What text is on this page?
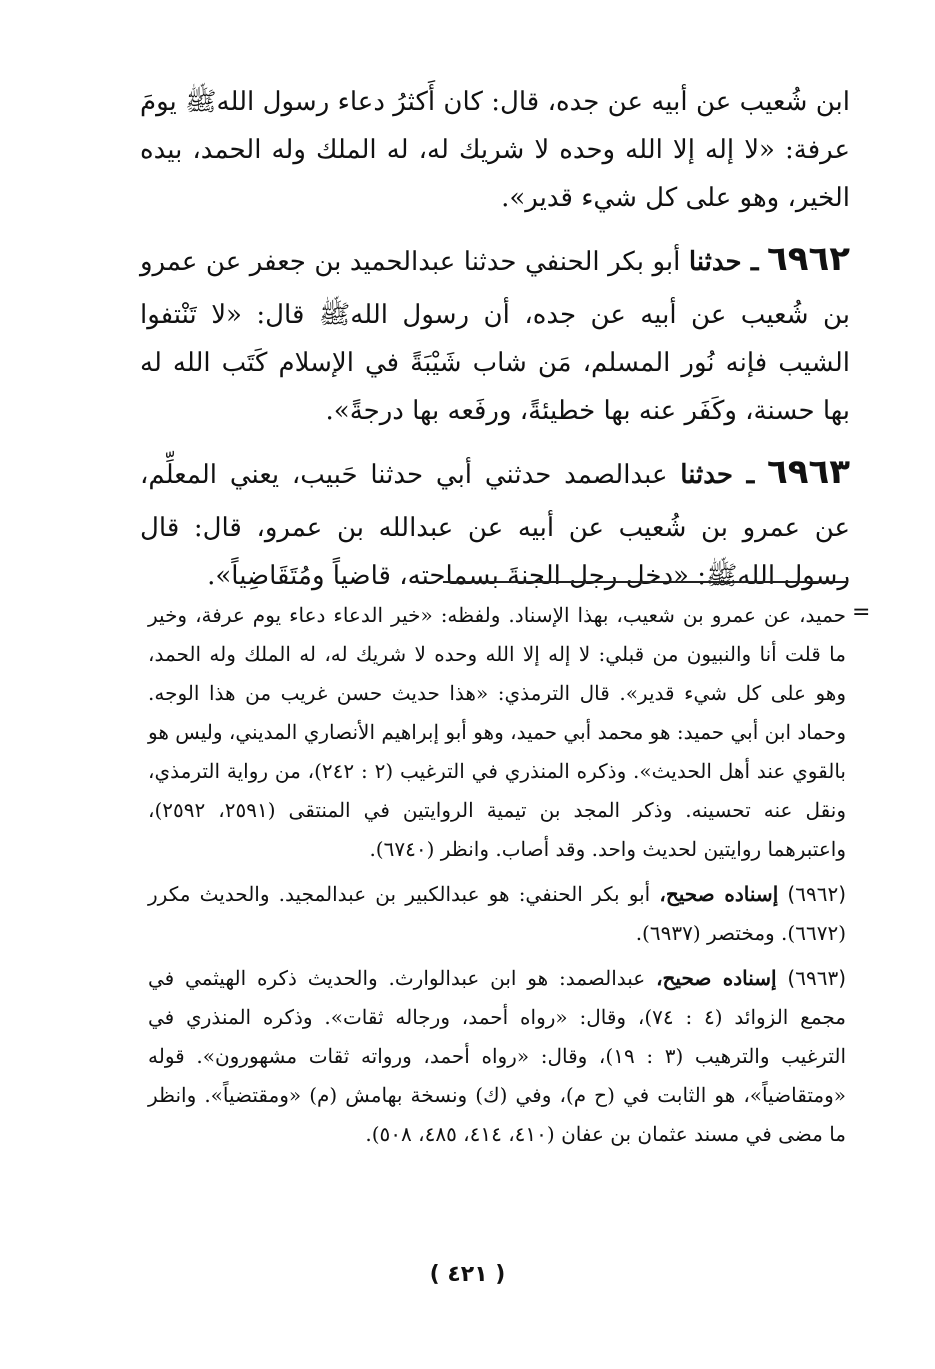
ابن شُعيب عن أبيه عن جده، قال: كان أَكثرُ دعاء رسول اللهﷺ يومَ عرفة: «لا إله إلا الله وحده لا شريك له، له الملك وله الحمد، بيده الخير، وهو على كل شيء قدير».

٦٩٦٢ ـ حدثنا أبو بكر الحنفي حدثنا عبدالحميد بن جعفر عن عمرو بن شُعيب عن أبيه عن جده، أن رسول اللهﷺ قال: «لا تَنْتفوا الشيب فإنه نُور المسلم، مَن شاب شَيْبَةً في الإسلام كَتَب الله له بها حسنة، وكَفَر عنه بها خطيئةً، ورفَعه بها درجةً».

٦٩٦٣ ـ حدثنا عبدالصمد حدثني أبي حدثنا حَبيب، يعني المعلِّم، عن عمرو بن شُعيب عن أبيه عن عبدالله بن عمرو، قال: قال رسول اللهﷺ: «دخل رجل الجنةَ بسماحته، قاضياً ومُتَقَاضِياً».

=

حميد، عن عمرو بن شعيب، بهذا الإسناد. ولفظه: «خير الدعاء دعاء يوم عرفة، وخير ما قلت أنا والنبيون من قبلي: لا إله إلا الله وحده لا شريك له، له الملك وله الحمد، وهو على كل شيء قدير». قال الترمذي: «هذا حديث حسن غريب من هذا الوجه. وحماد ابن أبي حميد: هو محمد أبي حميد، وهو أبو إبراهيم الأنصاري المديني، وليس هو بالقوي عند أهل الحديث». وذكره المنذري في الترغيب (٢ : ٢٤٢)، من رواية الترمذي، ونقل عنه تحسينه. وذكر المجد بن تيمية الروايتين في المنتقى (٢٥٩١، ٢٥٩٢)، واعتبرهما روايتين لحديث واحد. وقد أصاب. وانظر (٦٧٤٠).

(٦٩٦٢) إسناده صحيح، أبو بكر الحنفي: هو عبدالكبير بن عبدالمجيد. والحديث مكرر (٦٦٧٢). ومختصر (٦٩٣٧).

(٦٩٦٣) إسناده صحيح، عبدالصمد: هو ابن عبدالوارث. والحديث ذكره الهيثمي في مجمع الزوائد (٤ : ٧٤)، وقال: «رواه أحمد، ورجاله ثقات». وذكره المنذري في الترغيب والترهيب (٣ : ١٩)، وقال: «رواه أحمد، ورواته ثقات مشهورون». قوله «ومتقاضياً»، هو الثابت في (ح م)، وفي (ك) ونسخة بهامش (م) «ومقتضياً». وانظر ما مضى في مسند عثمان بن عفان (٤١٠، ٤١٤، ٤٨٥، ٥٠٨).

( ٤٢١ )
